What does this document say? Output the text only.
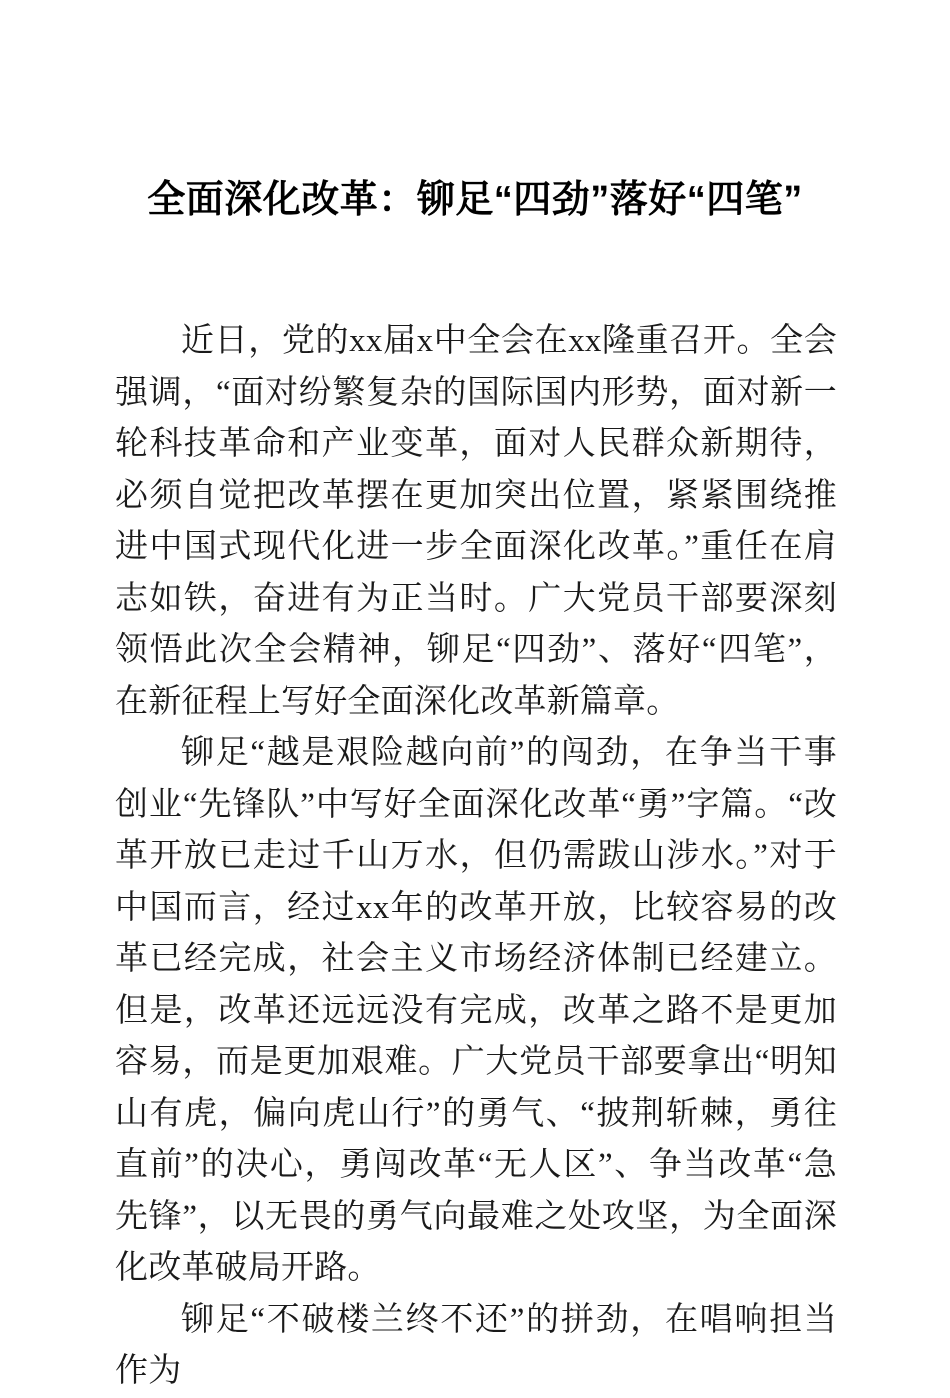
全面深化改革：铆足“四劲”落好“四笔”

近日，党的xx届x中全会在xx隆重召开。全会强调，“面对纷繁复杂的国际国内形势，面对新一轮科技革命和产业变革，面对人民群众新期待，必须自觉把改革摆在更加突出位置，紧紧围绕推进中国式现代化进一步全面深化改革。”重任在肩志如铁，奋进有为正当时。广大党员干部要深刻领悟此次全会精神，铆足“四劲”、落好“四笔”，在新征程上写好全面深化改革新篇章。

铆足“越是艰险越向前”的闯劲，在争当干事创业“先锋队”中写好全面深化改革“勇”字篇。“改革开放已走过千山万水，但仍需跋山涉水。”对于中国而言，经过xx年的改革开放，比较容易的改革已经完成，社会主义市场经济体制已经建立。但是，改革还远远没有完成，改革之路不是更加容易，而是更加艰难。广大党员干部要拿出“明知山有虎，偏向虎山行”的勇气、“披荆斩棘，勇往直前”的决心，勇闯改革“无人区”、争当改革“急先锋”，以无畏的勇气向最难之处攻坚，为全面深化改革破局开路。

铆足“不破楼兰终不还”的拼劲，在唱响担当作为
